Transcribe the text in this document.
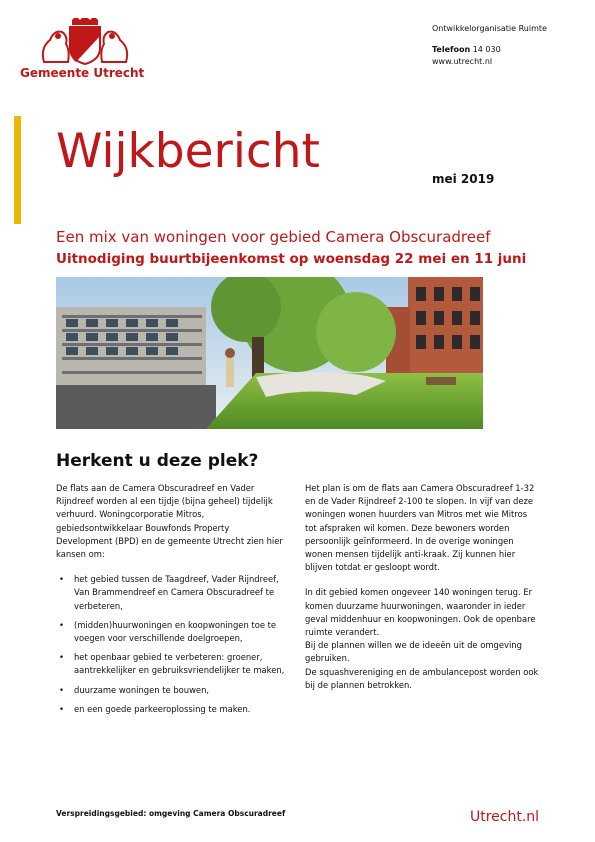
Gemeente Utrecht
Ontwikkelorganisatie Ruimte
Telefoon 14 030
www.utrecht.nl
Wijkbericht	mei 2019
Een mix van woningen voor gebied Camera Obscuradreef
Uitnodiging buurtbijeenkomst op woensdag 22 mei en 11 juni
Herkent u deze plek?

De flats aan de Camera Obscuradreef en Vader Rijndreef worden al een tijdje (bijna geheel) tijdelijk verhuurd. Woningcorporatie Mitros, gebiedsontwikkelaar Bouwfonds Property Development (BPD) en de gemeente Utrecht zien hier kansen om:

• het gebied tussen de Taagdreef, Vader Rijndreef, Van Brammendreef en Camera Obscuradreef te verbeteren,
• (midden)huurwoningen en koopwoningen toe te voegen voor verschillende doelgroepen,
• het openbaar gebied te verbeteren: groener, aantrekkelijker en gebruiksvriendelijker te maken,
• duurzame woningen te bouwen,
• en een goede parkeeroplossing te maken.

Het plan is om de flats aan Camera Obscuradreef 1-32 en de Vader Rijndreef 2-100 te slopen. In vijf van deze woningen wonen huurders van Mitros met wie Mitros tot afspraken wil komen. Deze bewoners worden persoonlijk geïnformeerd. In de overige woningen wonen mensen tijdelijk anti-kraak. Zij kunnen hier blijven totdat er gesloopt wordt.

In dit gebied komen ongeveer 140 woningen terug. Er komen duurzame huurwoningen, waaronder in ieder geval middenhuur en koopwoningen. Ook de openbare ruimte verandert.

Bij de plannen willen we de ideeën uit de omgeving gebruiken.

De squashvereniging en de ambulancepost worden ook bij de plannen betrokken.

Verspreidingsgebied: omgeving Camera Obscuradreef	Utrecht.nl
